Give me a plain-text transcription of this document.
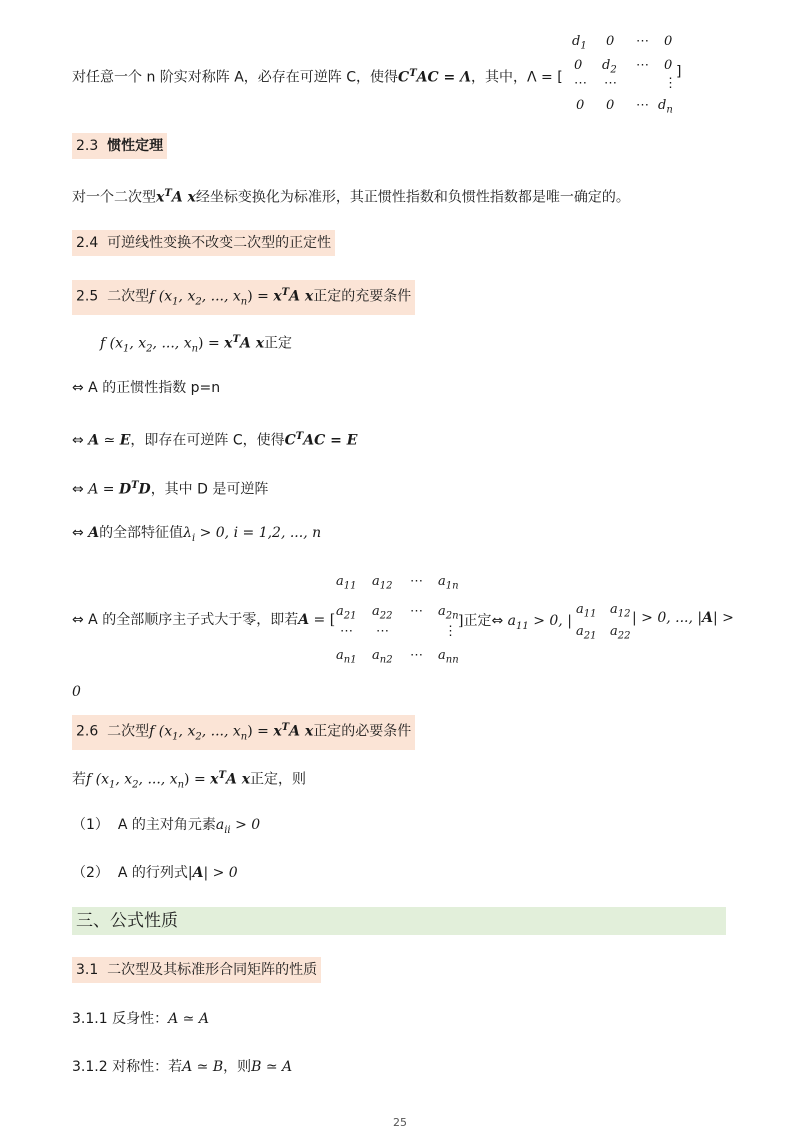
对任意一个 n 阶实对称阵 A，必存在可逆阵 C，使得$C^TAC = \Lambda$，其中，Λ = [
$d_1$ 0 ⋯ 0
0 $d_2$ ⋯ 0 ]
⋯ ⋯	⋮
0 0 ⋯ $d_n$
2.3 惯性定理
对一个二次型$x^TA$ x经坐标变换化为标准形，其正惯性指数和负惯性指数都是唯一确定的。
2.4 可逆线性变换不改变二次型的正定性
2.5 二次型f ($x_1$, $x_2$, ..., $x_n) = x^TA$ x正定的充要条件
f ($x_1$, $x_2$, ..., $x_n) = x^TA$ x正定
⇔ A 的正惯性指数 p=n
⇔ A ≃ E，即存在可逆阵 C，使得$C^TAC = E$
⇔ $A = D^TD$，其中 D 是可逆阵
⇔ A的全部特征值$\lambda_i > 0$, i = 1,2, ..., n
⇔ A 的全部顺序主子式大于零，即若A = [
$a_{11}$ $a_{12}$ ⋯ $a_{1n}$
$a_{21}$ $a_{22}$ ⋯ $a_{2n}$
⋯ ⋯	⋮
$a_{n1}$ $a_{n2}$ ⋯ $a_{nn}$
]正定⇔ $a_{11} > 0$, |
$a_{11}$ $a_{12}$
$a_{21}$ $a_{22}$
| > 0, ..., |A| >
0
2.6 二次型f ($x_1$, $x_2$, ..., $x_n) = x^TA$ x正定的必要条件
若f ($x_1$, $x_2$, ..., $x_n) = x^TA$ x正定，则
（1） A 的主对角元素$a_{ii} > 0$
（2） A 的行列式|A| > 0
三、公式性质
3.1 二次型及其标准形合同矩阵的性质
3.1.1 反身性：A ≃ A
3.1.2 对称性：若A ≃ B，则B ≃ A
25
